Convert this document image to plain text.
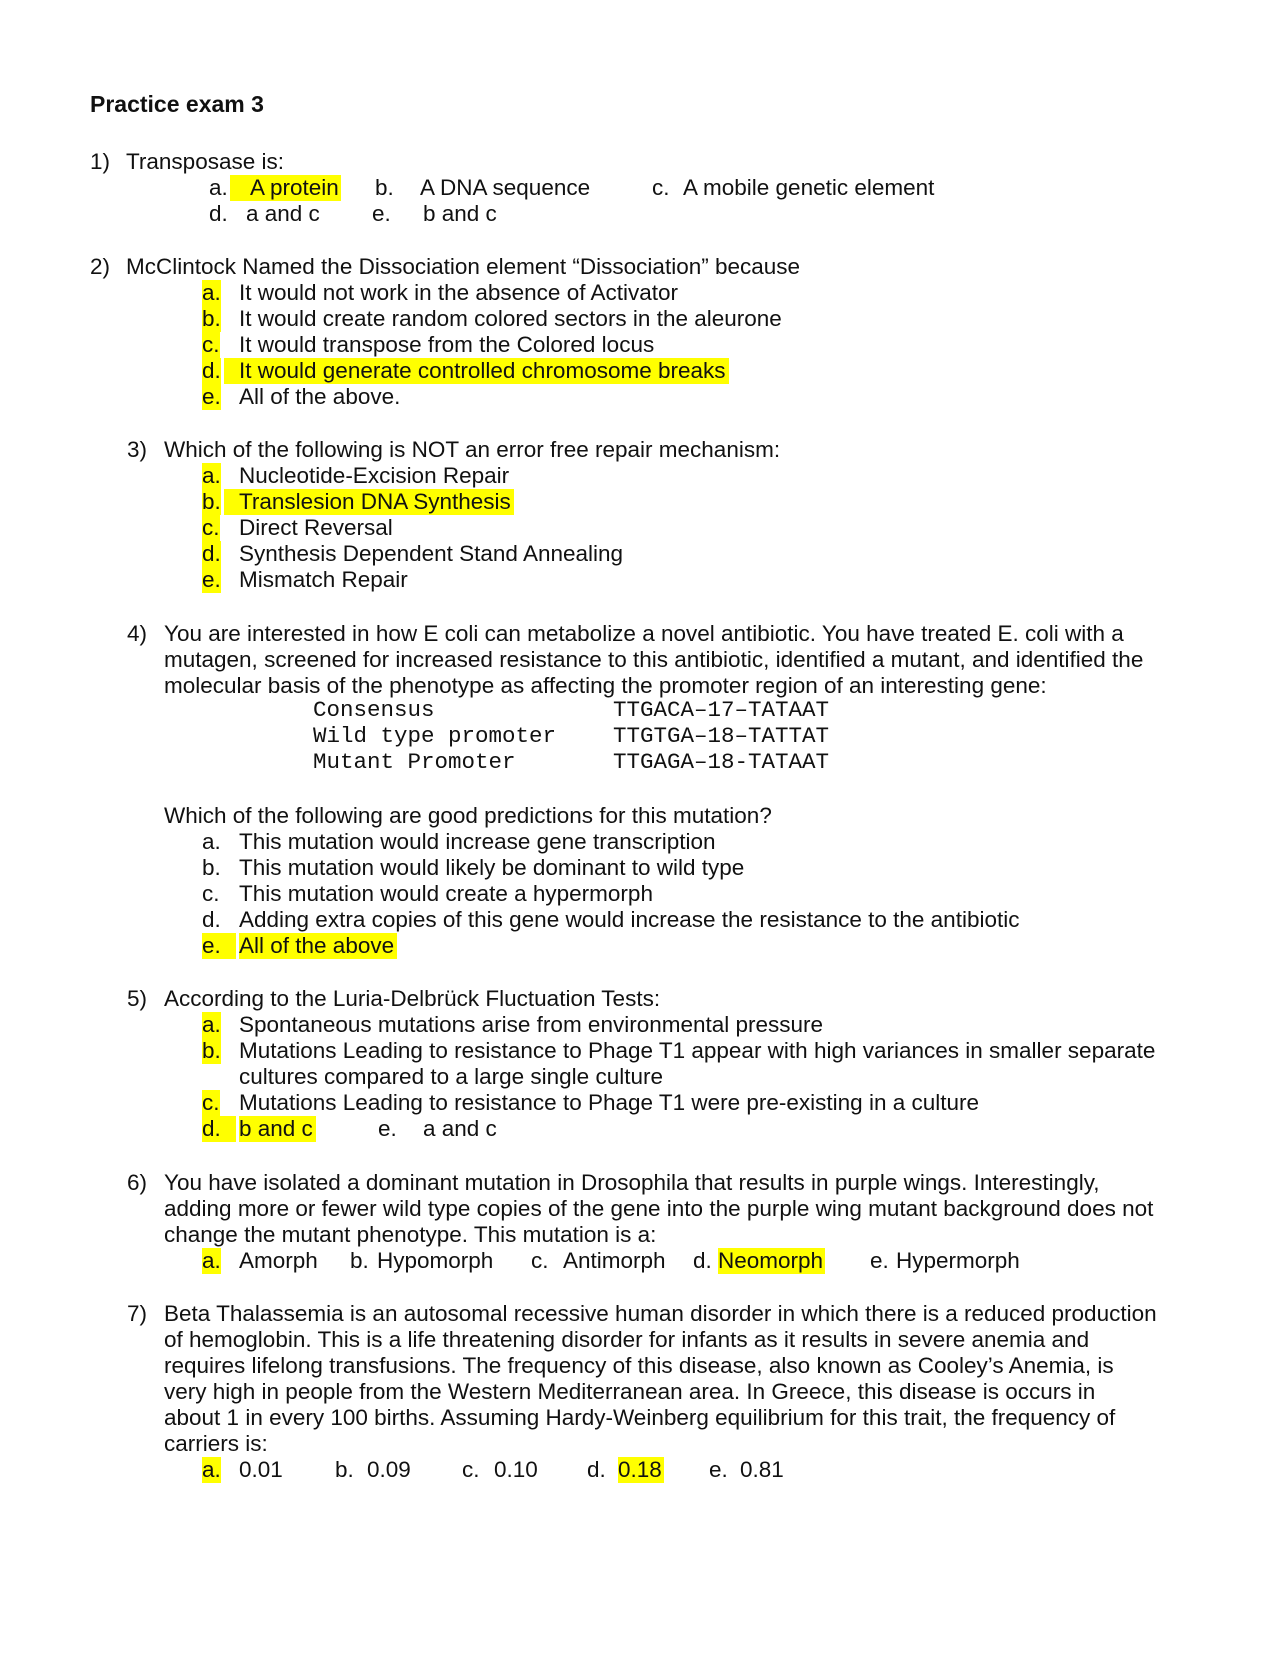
Practice exam 3
1) Transposase is:
a. A protein b. A DNA sequence	c. A mobile genetic element
d. a and c e. b and c
2) McClintock Named the Dissociation element “Dissociation” because
a. It would not work in the absence of Activator
b. It would create random colored sectors in the aleurone
c. It would transpose from the Colored locus
d. It would generate controlled chromosome breaks
e. All of the above.
3) Which of the following is NOT an error free repair mechanism:
a. Nucleotide-Excision Repair
b. Translesion DNA Synthesis
c. Direct Reversal
d. Synthesis Dependent Stand Annealing
e. Mismatch Repair
4) You are interested in how E coli can metabolize a novel antibiotic. You have treated E. coli with a
mutagen, screened for increased resistance to this antibiotic, identified a mutant, and identified the
molecular basis of the phenotype as affecting the promoter region of an interesting gene:
Consensus	TTGACA–17–TATAAT
Wild type promoter	TTGTGA–18–TATTAT
Mutant Promoter	TTGAGA–18-TATAAT
Which of the following are good predictions for this mutation?
a. This mutation would increase gene transcription
b. This mutation would likely be dominant to wild type
c. This mutation would create a hypermorph
d. Adding extra copies of this gene would increase the resistance to the antibiotic
e. All of the above
5) According to the Luria-Delbrück Fluctuation Tests:
a. Spontaneous mutations arise from environmental pressure
b. Mutations Leading to resistance to Phage T1 appear with high variances in smaller separate
cultures compared to a large single culture
c. Mutations Leading to resistance to Phage T1 were pre-existing in a culture
d. b and c	e. a and c
6) You have isolated a dominant mutation in Drosophila that results in purple wings. Interestingly,
adding more or fewer wild type copies of the gene into the purple wing mutant background does not
change the mutant phenotype. This mutation is a:
a. Amorph b. Hypomorph c. Antimorph d. Neomorph e. Hypermorph
7) Beta Thalassemia is an autosomal recessive human disorder in which there is a reduced production
of hemoglobin. This is a life threatening disorder for infants as it results in severe anemia and
requires lifelong transfusions. The frequency of this disease, also known as Cooley’s Anemia, is
very high in people from the Western Mediterranean area. In Greece, this disease is occurs in
about 1 in every 100 births. Assuming Hardy-Weinberg equilibrium for this trait, the frequency of
carriers is:
a. 0.01 b. 0.09 c. 0.10 d. 0.18 e. 0.81
